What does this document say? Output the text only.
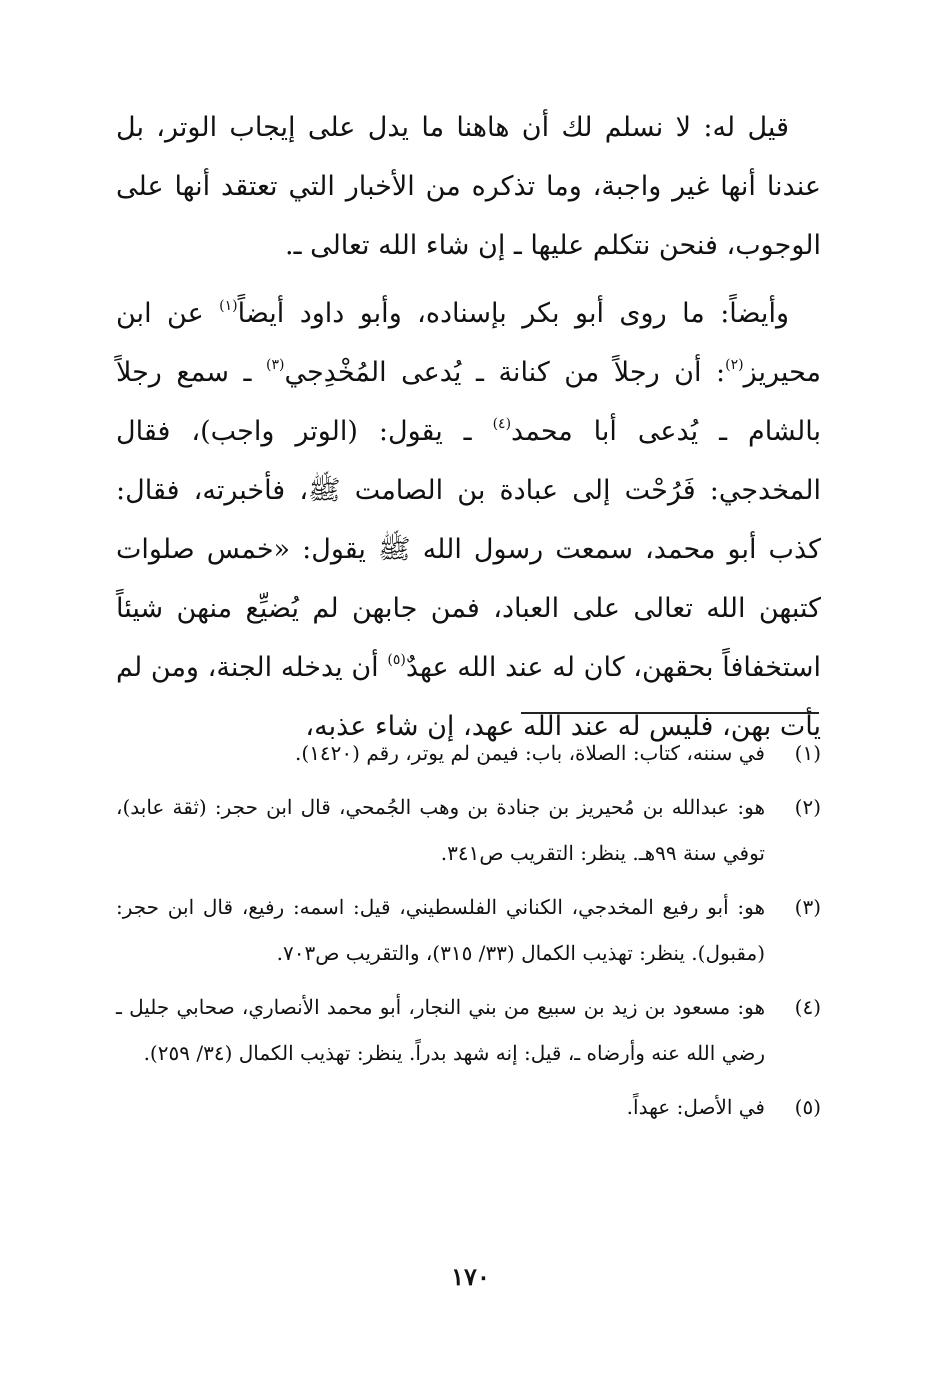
قيل له: لا نسلم لك أن هاهنا ما يدل على إيجاب الوتر، بل عندنا أنها غير واجبة، وما تذكره من الأخبار التي تعتقد أنها على الوجوب، فنحن نتكلم عليها ـ إن شاء الله تعالى ـ.

وأيضاً: ما روى أبو بكر بإسناده، وأبو داود أيضاً$^{(١)}$ عن ابن محيريز$^{(٢)}$: أن رجلاً من كنانة ـ يُدعى المُخْدِجي$^{(٣)}$ ـ سمع رجلاً بالشام ـ يُدعى أبا محمد$^{(٤)}$ ـ يقول: (الوتر واجب)، فقال المخدجي: فَرُحْت إلى عبادة بن الصامت ﷺ، فأخبرته، فقال: كذب أبو محمد، سمعت رسول الله ﷺ يقول: «خمس صلوات كتبهن الله تعالى على العباد، فمن جابهن لم يُضيِّع منهن شيئاً استخفافاً بحقهن، كان له عند الله عهدٌ$^{(٥)}$ أن يدخله الجنة، ومن لم يأت بهن، فليس له عند الله عهد، إن شاء عذبه،

(١)
في سننه، كتاب: الصلاة، باب: فيمن لم يوتر، رقم (١٤٢٠).
(٢)
هو: عبدالله بن مُحيريز بن جنادة بن وهب الجُمحي، قال ابن حجر: (ثقة عابد)، توفي سنة ٩٩هـ. ينظر: التقريب ص٣٤١.
(٣)
هو: أبو رفيع المخدجي، الكناني الفلسطيني، قيل: اسمه: رفيع، قال ابن حجر: (مقبول). ينظر: تهذيب الكمال (٣٣/ ٣١٥)، والتقريب ص٧٠٣.
(٤)
هو: مسعود بن زيد بن سبيع من بني النجار، أبو محمد الأنصاري، صحابي جليل ـ رضي الله عنه وأرضاه ـ، قيل: إنه شهد بدراً. ينظر: تهذيب الكمال (٣٤/ ٢٥٩).
(٥)
في الأصل: عهداً.
١٧٠
